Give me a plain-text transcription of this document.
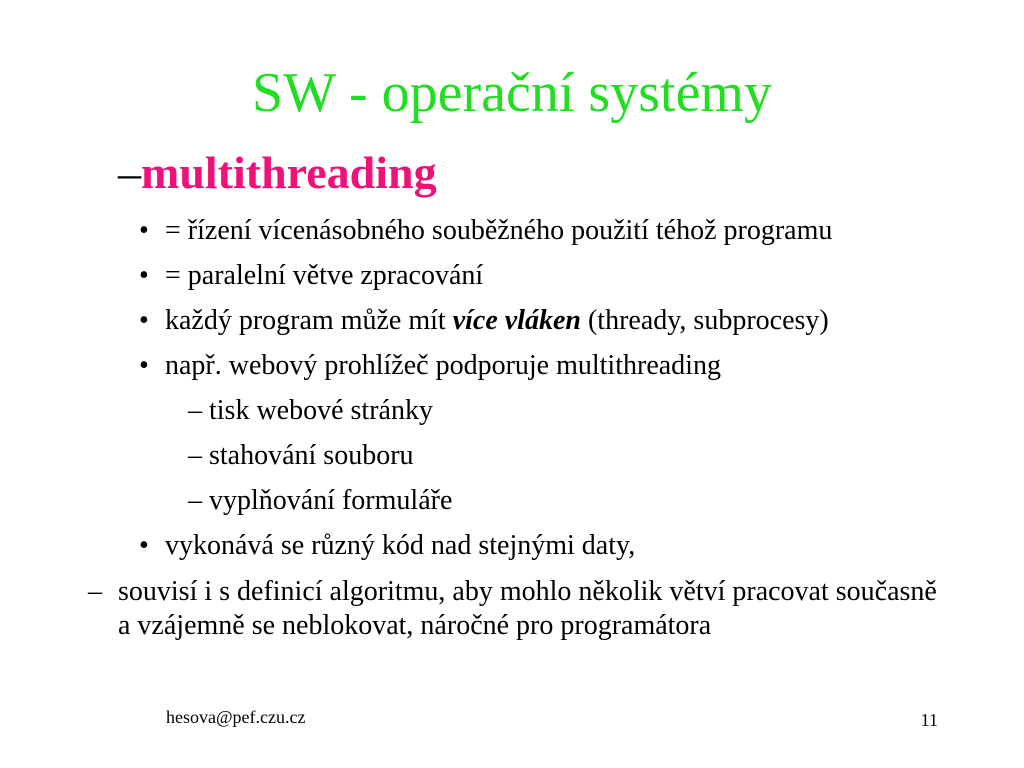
SW - operační systémy
–multithreading
• = řízení vícenásobného souběžného použití téhož programu
• = paralelní větve zpracování
• každý program může mít více vláken (thready, subprocesy)
• např. webový prohlížeč podporuje multithreading
– tisk webové stránky
– stahování souboru
– vyplňování formuláře
• vykonává se různý kód nad stejnými daty,
– souvisí i s definicí algoritmu, aby mohlo několik větví pracovat současně a vzájemně se neblokovat, náročné pro programátora
hesova@pef.czu.cz	11
